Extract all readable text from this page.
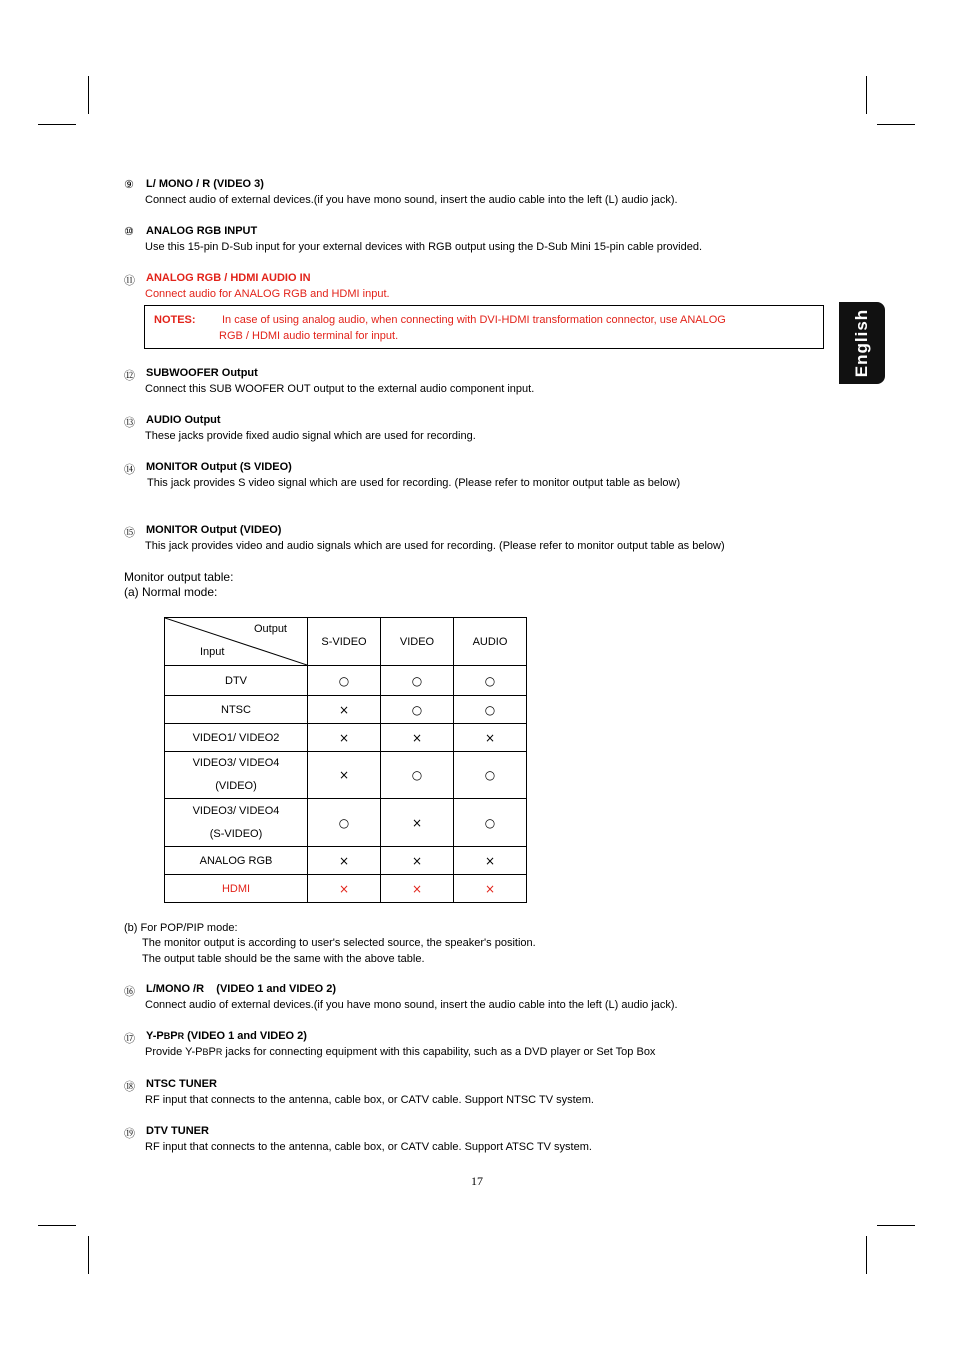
English
⑨ L/ MONO / R (VIDEO 3)
Connect audio of external devices.(if you have mono sound, insert the audio cable into the left (L) audio jack).
⑩ ANALOG RGB INPUT
Use this 15-pin D-Sub input for your external devices with RGB output using the D-Sub Mini 15-pin cable provided.
⑪ ANALOG RGB / HDMI AUDIO IN
Connect audio for ANALOG RGB and HDMI input.
NOTES: In case of using analog audio, when connecting with DVI-HDMI transformation connector, use ANALOG
RGB / HDMI audio terminal for input.
⑫ SUBWOOFER Output
Connect this SUB WOOFER OUT output to the external audio component input.
⑬ AUDIO Output
These jacks provide fixed audio signal which are used for recording.
⑭ MONITOR Output (S VIDEO)
This jack provides S video signal which are used for recording. (Please refer to monitor output table as below)
⑮ MONITOR Output (VIDEO)
This jack provides video and audio signals which are used for recording. (Please refer to monitor output table as below)
Monitor output table:
(a) Normal mode:
Output
Input	S-VIDEO	VIDEO	AUDIO
DTV	○	○	○
NTSC	×	○	○
VIDEO1/ VIDEO2	×	×	×
VIDEO3/ VIDEO4
(VIDEO)	×	○	○
VIDEO3/ VIDEO4
(S-VIDEO)	○	×	○
ANALOG RGB	×	×	×
HDMI	×	×	×
(b) For POP/PIP mode:
The monitor output is according to user's selected source, the speaker's position.
The output table should be the same with the above table.
⑯ L/MONO /R    (VIDEO 1 and VIDEO 2)
Connect audio of external devices.(if you have mono sound, insert the audio cable into the left (L) audio jack).
⑰ Y-PBPR (VIDEO 1 and VIDEO 2)
Provide Y-PBPR jacks for connecting equipment with this capability, such as a DVD player or Set Top Box
⑱ NTSC TUNER
RF input that connects to the antenna, cable box, or CATV cable. Support NTSC TV system.
⑲ DTV TUNER
RF input that connects to the antenna, cable box, or CATV cable. Support ATSC TV system.
17
